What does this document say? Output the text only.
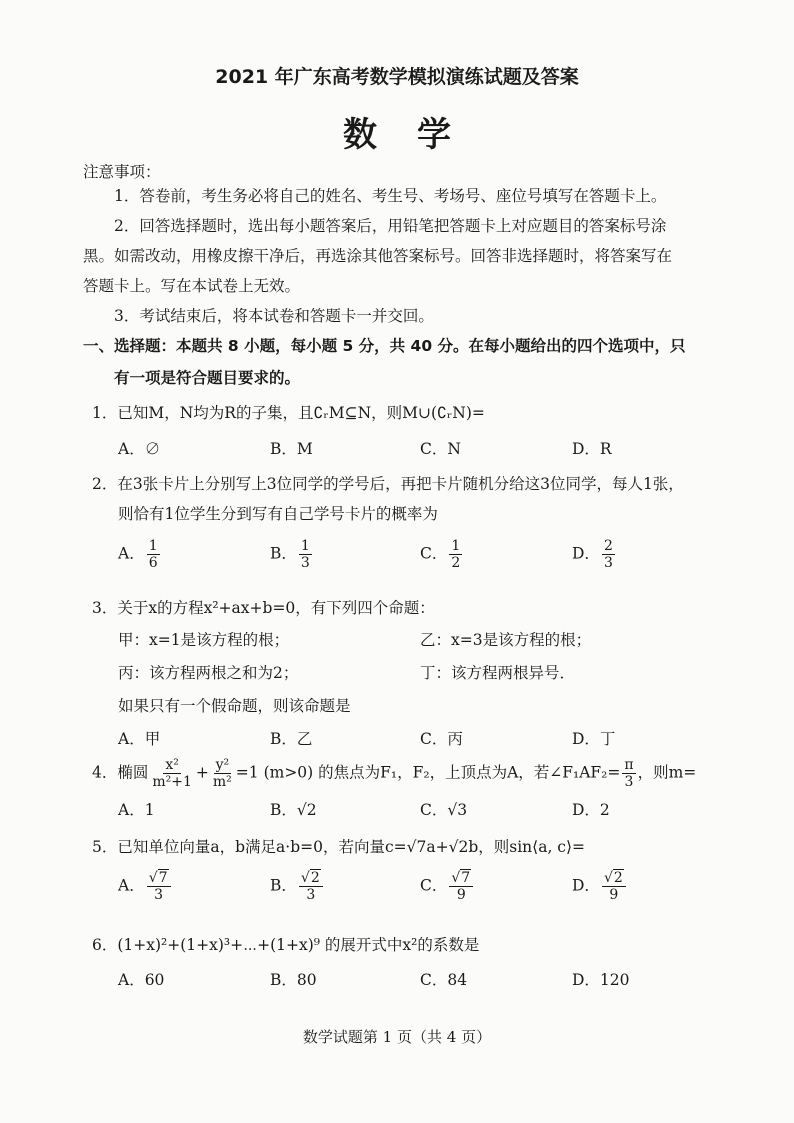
2021 年广东高考数学模拟演练试题及答案
数学
注意事项：
1．答卷前，考生务必将自己的姓名、考生号、考场号、座位号填写在答题卡上。
2．回答选择题时，选出每小题答案后，用铅笔把答题卡上对应题目的答案标号涂
黑。如需改动，用橡皮擦干净后，再选涂其他答案标号。回答非选择题时，将答案写在
答题卡上。写在本试卷上无效。
3．考试结束后，将本试卷和答题卡一并交回。
一、选择题：本题共 8 小题，每小题 5 分，共 40 分。在每小题给出的四个选项中，只
有一项是符合题目要求的。
1．已知M，N均为R的子集，且∁ᵣM⊆N，则M∪(∁ᵣN)=
A．∅	B．M	C．N	D．R
2．在3张卡片上分别写上3位同学的学号后，再把卡片随机分给这3位同学，每人1张，
则恰有1位学生分到写有自己学号卡片的概率为
A． $\frac{1}{6}$	B． $\frac{1}{3}$	C． $\frac{1}{2}$	D． $\frac{2}{3}$
3．关于x的方程x²+ax+b=0，有下列四个命题：
甲：x=1是该方程的根；	乙：x=3是该方程的根；
丙：该方程两根之和为2；	丁：该方程两根异号．
如果只有一个假命题，则该命题是
A．甲	B．乙	C．丙	D．丁
4．椭圆 $\frac{\text{x²}}{\text{m²+1}} + \frac{\text{y²}}{\text{m²}} =1$ (m>0) 的焦点为F₁，F₂，上顶点为A，若∠F₁AF₂= $\frac{\pi}{3}$ ，则m=
A．1	B．√2	C．√3	D．2
5．已知单位向量a，b满足a·b=0，若向量c=√7a+√2b，则sin⟨a, c⟩=
A． $\frac{√7}{3}$	B． $\frac{√2}{3}$	C． $\frac{√7}{9}$	D． $\frac{√2}{9}$
6．(1+x)²+(1+x)³+⋯+(1+x)⁹ 的展开式中x²的系数是
A．60	B．80	C．84	D．120
数学试题第 1 页（共 4 页）
